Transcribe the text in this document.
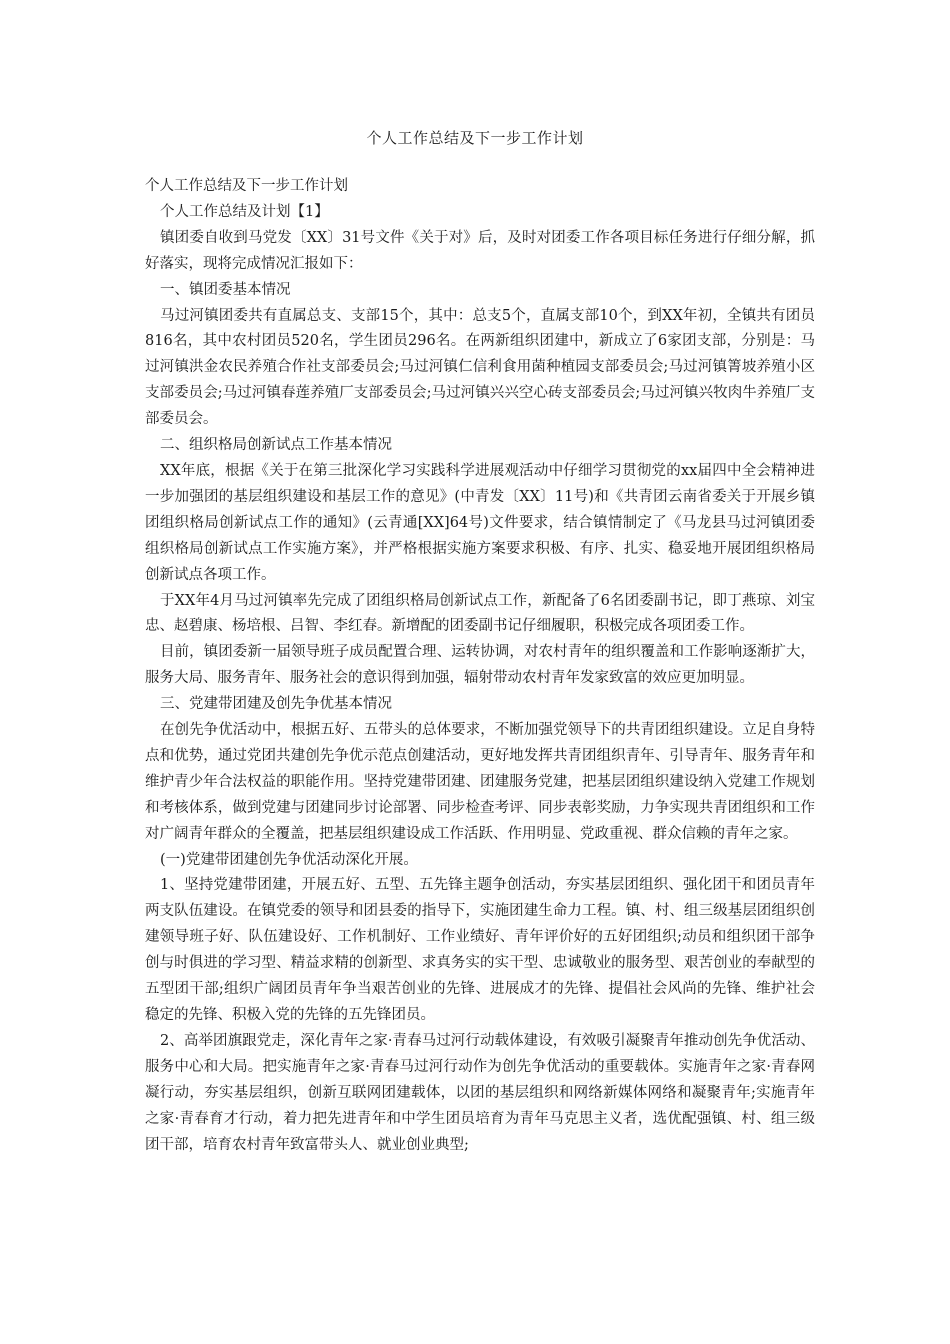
个人工作总结及下一步工作计划

个人工作总结及下一步工作计划

个人工作总结及计划【1】

镇团委自收到马党发〔XX〕31号文件《关于对》后，及时对团委工作各项目标任务进行仔细分解，抓好落实，现将完成情况汇报如下：

一、镇团委基本情况

马过河镇团委共有直属总支、支部15个，其中：总支5个，直属支部10个，到XX年初，全镇共有团员816名，其中农村团员520名，学生团员296名。在两新组织团建中，新成立了6家团支部，分别是：马过河镇洪金农民养殖合作社支部委员会;马过河镇仁信利食用菌种植园支部委员会;马过河镇箐坡养殖小区支部委员会;马过河镇春莲养殖厂支部委员会;马过河镇兴兴空心砖支部委员会;马过河镇兴牧肉牛养殖厂支部委员会。

二、组织格局创新试点工作基本情况

XX年底，根据《关于在第三批深化学习实践科学进展观活动中仔细学习贯彻党的xx届四中全会精神进一步加强团的基层组织建设和基层工作的意见》(中青发〔XX〕11号)和《共青团云南省委关于开展乡镇团组织格局创新试点工作的通知》(云青通[XX]64号)文件要求，结合镇情制定了《马龙县马过河镇团委组织格局创新试点工作实施方案》，并严格根据实施方案要求积极、有序、扎实、稳妥地开展团组织格局创新试点各项工作。

于XX年4月马过河镇率先完成了团组织格局创新试点工作，新配备了6名团委副书记，即丁燕琼、刘宝忠、赵碧康、杨培根、吕智、李红春。新增配的团委副书记仔细履职，积极完成各项团委工作。

目前，镇团委新一届领导班子成员配置合理、运转协调，对农村青年的组织覆盖和工作影响逐渐扩大，服务大局、服务青年、服务社会的意识得到加强，辐射带动农村青年发家致富的效应更加明显。

三、党建带团建及创先争优基本情况

在创先争优活动中，根据五好、五带头的总体要求，不断加强党领导下的共青团组织建设。立足自身特点和优势，通过党团共建创先争优示范点创建活动，更好地发挥共青团组织青年、引导青年、服务青年和维护青少年合法权益的职能作用。坚持党建带团建、团建服务党建，把基层团组织建设纳入党建工作规划和考核体系，做到党建与团建同步讨论部署、同步检查考评、同步表彰奖励，力争实现共青团组织和工作对广阔青年群众的全覆盖，把基层组织建设成工作活跃、作用明显、党政重视、群众信赖的青年之家。

(一)党建带团建创先争优活动深化开展。

1、坚持党建带团建，开展五好、五型、五先锋主题争创活动，夯实基层团组织、强化团干和团员青年两支队伍建设。在镇党委的领导和团县委的指导下，实施团建生命力工程。镇、村、组三级基层团组织创建领导班子好、队伍建设好、工作机制好、工作业绩好、青年评价好的五好团组织;动员和组织团干部争创与时俱进的学习型、精益求精的创新型、求真务实的实干型、忠诚敬业的服务型、艰苦创业的奉献型的五型团干部;组织广阔团员青年争当艰苦创业的先锋、进展成才的先锋、提倡社会风尚的先锋、维护社会稳定的先锋、积极入党的先锋的五先锋团员。

2、高举团旗跟党走，深化青年之家·青春马过河行动载体建设，有效吸引凝聚青年推动创先争优活动、服务中心和大局。把实施青年之家·青春马过河行动作为创先争优活动的重要载体。实施青年之家·青春网凝行动，夯实基层组织，创新互联网团建载体，以团的基层组织和网络新媒体网络和凝聚青年;实施青年之家·青春育才行动，着力把先进青年和中学生团员培育为青年马克思主义者，选优配强镇、村、组三级团干部，培育农村青年致富带头人、就业创业典型;
